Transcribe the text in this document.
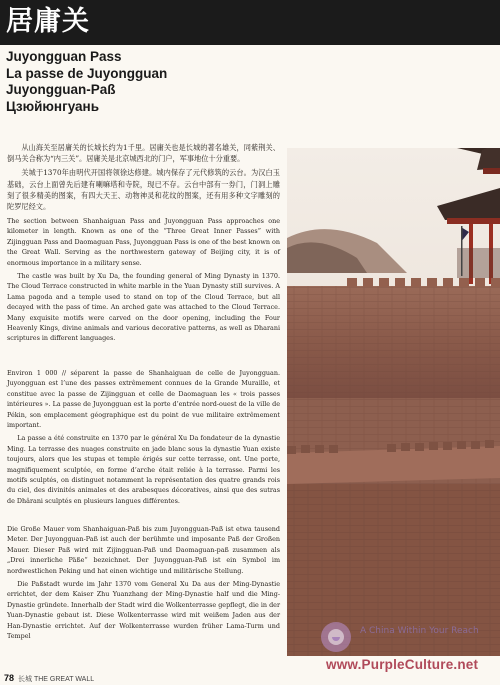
居庸关
Juyongguan Pass
La passe de Juyongguan
Juyongguan-Paß
Цзюйюнгуань

从山海关至居庸关的长城长约为1千里。居庸关也是长城的著名雄关，同紫荆关、倒马关合称为“内三关”。居庸关是北京城西北的门户，军事地位十分重要。

关城于1370年由明代开国将领徐达修建。城内保存了元代修筑的云台。为汉白玉基础，云台上面曾先后建有喇嘛塔和寺院，现已不存。云台中部有一券门，门洞上雕刻了很多精美的图案，有四大天王、动物神灵和花纹的图案，还有用多种文字雕刻的陀罗尼经文。

The section between Shanhaiguan Pass and Juyongguan Pass approaches one kilometer in length. Known as one of the “Three Great Inner Passes” with Zijingguan Pass and Daomaguan Pass, Juyongguan Pass is one of the best known on the Great Wall. Serving as the northwestern gateway of Beijing city, it is of enormous importance in a military sense.

The castle was built by Xu Da, the founding general of Ming Dynasty in 1370. The Cloud Terrace constructed in white marble in the Yuan Dynasty still survives. A Lama pagoda and a temple used to stand on top of the Cloud Terrace, but all decayed with the pass of time. An arched gate was attached to the Cloud Terrace. Many exquisite motifs were carved on the door opening, including the Four Heavenly Kings, divine animals and various decorative patterns, as well as Dharani scriptures in different languages.

Environ 1 000 // séparent la passe de Shanhaiguan de celle de Juyongguan. Juyongguan est l’une des passes extrêmement connues de la Grande Muraille, et constitue avec la passe de Zijingguan et celle de Daomaguan les « trois passes intérieures ». La passe de Juyongguan est la porte d’entrée nord-ouest de la ville de Pékin, son emplacement géographique est du point de vue militaire extrêmement important.

La passe a été construite en 1370 par le général Xu Da fondateur de la dynastie Ming. La terrasse des nuages construite en jade blanc sous la dynastie Yuan existe toujours, alors que les stupas et temple érigés sur cette terrasse, ont. Une porte, magnifiquement sculptée, en forme d’arche était reliée à la terrasse. Parmi les motifs sculptés, on distinguet notamment la représentation des quatre grands rois du ciel, des divinités animales et des arabesques décoratives, ainsi que des sutras de Dhârani sculptés en plusieurs langues différentes.

Die Große Mauer vom Shanhaiguan-Paß bis zum Juyongguan-Paß ist etwa tausend Meter. Der Juyongguan-Paß ist auch der berühmte und imposante Paß der Großen Mauer. Dieser Paß wird mit Zijingguan-Paß und Daomaguan-paß zusammen als „Drei innerliche Päße“ bezeichnet. Der Juyongguan-Paß ist ein Symbol im nordwestlichen Peking und hat einen wichtige und militärische Stellung.

Die Paßstadt wurde im Jahr 1370 vom General Xu Da aus der Ming-Dynastie errichtet, der dem Kaiser Zhu Yuanzhang der Ming-Dynastie half und die Ming-Dynastie gründete. Innerhalb der Stadt wird die Wolkenterrasse gepflegt, die in der Yuan-Dynastie gebaut ist. Diese Wolkenterrasse wird mit weißem Jaden aus der Han-Dynastie errichtet. Auf der Wolkenterrasse wurden früher Lama-Turm und Tempel

78 长城 THE GREAT WALL
A China Within Your Reach
www.PurpleCulture.net
